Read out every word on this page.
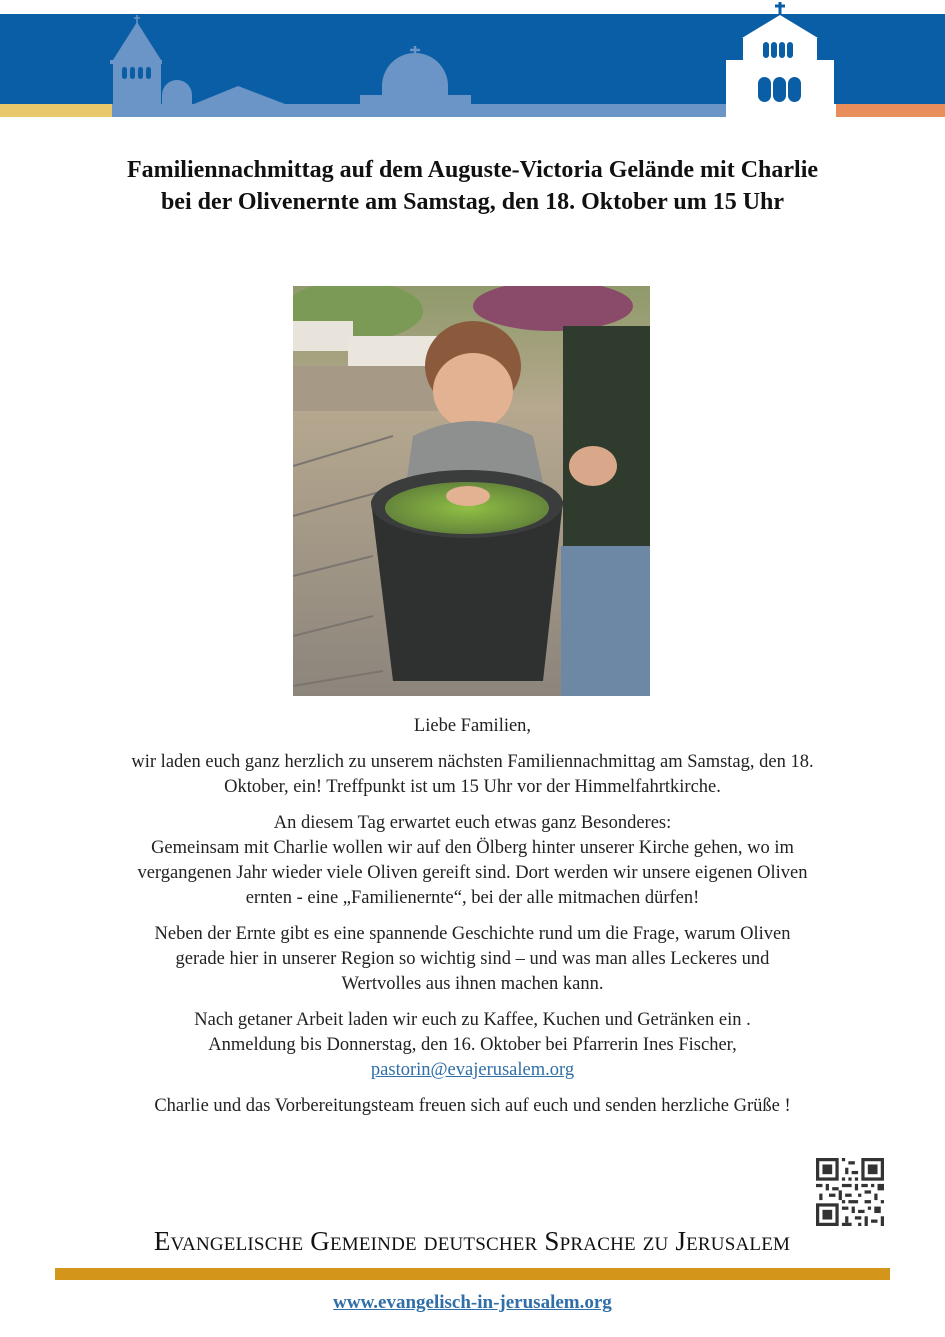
Familiennachmittag auf dem Auguste-Victoria Gelände mit Charlie
bei der Olivenernte am Samstag, den 18. Oktober um 15 Uhr

Liebe Familien,

wir laden euch ganz herzlich zu unserem nächsten Familiennachmittag am Samstag, den 18.
Oktober, ein! Treffpunkt ist um 15 Uhr vor der Himmelfahrtkirche.

An diesem Tag erwartet euch etwas ganz Besonderes:
Gemeinsam mit Charlie wollen wir auf den Ölberg hinter unserer Kirche gehen, wo im
vergangenen Jahr wieder viele Oliven gereift sind. Dort werden wir unsere eigenen Oliven
ernten - eine „Familienernte“, bei der alle mitmachen dürfen!

Neben der Ernte gibt es eine spannende Geschichte rund um die Frage, warum Oliven
gerade hier in unserer Region so wichtig sind – und was man alles Leckeres und
Wertvolles aus ihnen machen kann.

Nach getaner Arbeit laden wir euch zu Kaffee, Kuchen und Getränken ein .
Anmeldung bis Donnerstag, den 16. Oktober bei Pfarrerin Ines Fischer,
pastorin@evajerusalem.org

Charlie und das Vorbereitungsteam freuen sich auf euch und senden herzliche Grüße !

Evangelische Gemeinde deutscher Sprache zu Jerusalem
www.evangelisch-in-jerusalem.org
